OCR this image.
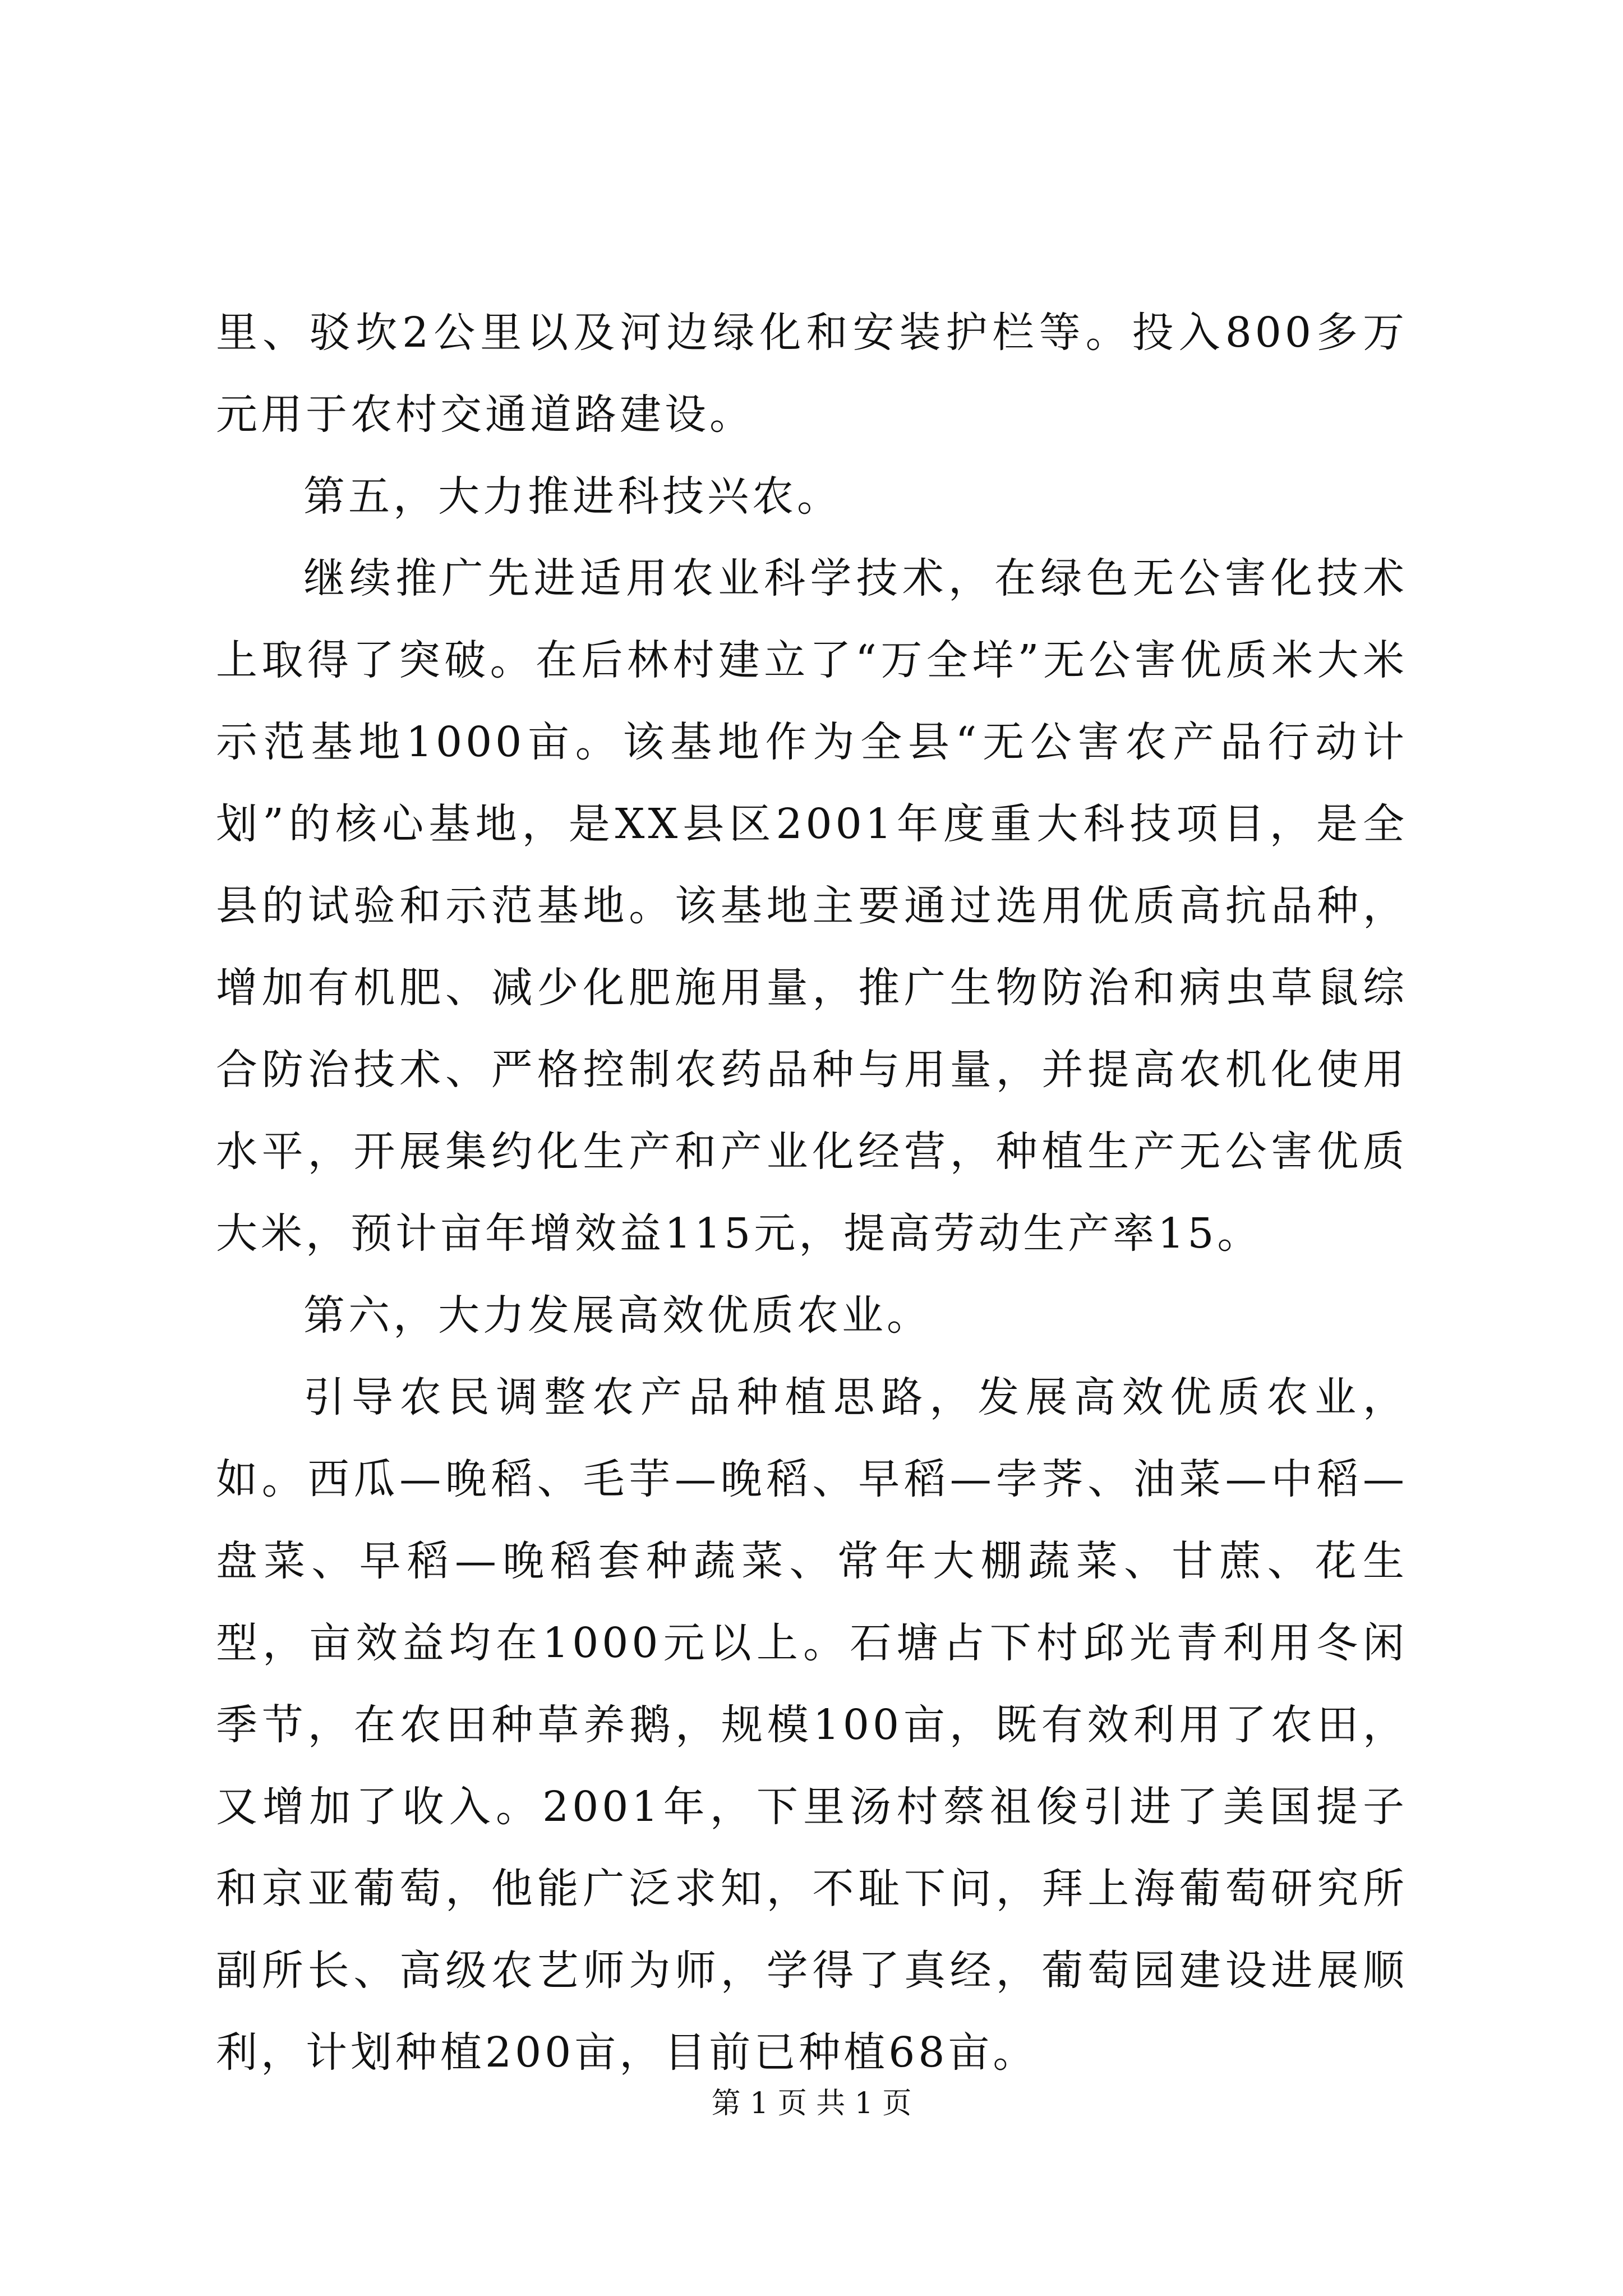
里、驳坎2公里以及河边绿化和安装护栏等。投入800多万元用于农村交通道路建设。

第五，大力推进科技兴农。

继续推广先进适用农业科学技术，在绿色无公害化技术上取得了突破。在后林村建立了“万全垟”无公害优质米大米示范基地1000亩。该基地作为全县“无公害农产品行动计划”的核心基地，是XX县区2001年度重大科技项目，是全县的试验和示范基地。该基地主要通过选用优质高抗品种，增加有机肥、减少化肥施用量，推广生物防治和病虫草鼠综合防治技术、严格控制农药品种与用量，并提高农机化使用水平，开展集约化生产和产业化经营，种植生产无公害优质大米，预计亩年增效益115元，提高劳动生产率15。

第六，大力发展高效优质农业。

引导农民调整农产品种植思路，发展高效优质农业，如。西瓜—晚稻、毛芋—晚稻、早稻—孛荠、油菜—中稻—盘菜、早稻—晚稻套种蔬菜、常年大棚蔬菜、甘蔗、花生型，亩效益均在1000元以上。石塘占下村邱光青利用冬闲季节，在农田种草养鹅，规模100亩，既有效利用了农田，又增加了收入。2001年，下里汤村蔡祖俊引进了美国提子和京亚葡萄，他能广泛求知，不耻下问，拜上海葡萄研究所副所长、高级农艺师为师，学得了真经，葡萄园建设进展顺利，计划种植200亩，目前已种植68亩。

第 1 页 共 1 页
